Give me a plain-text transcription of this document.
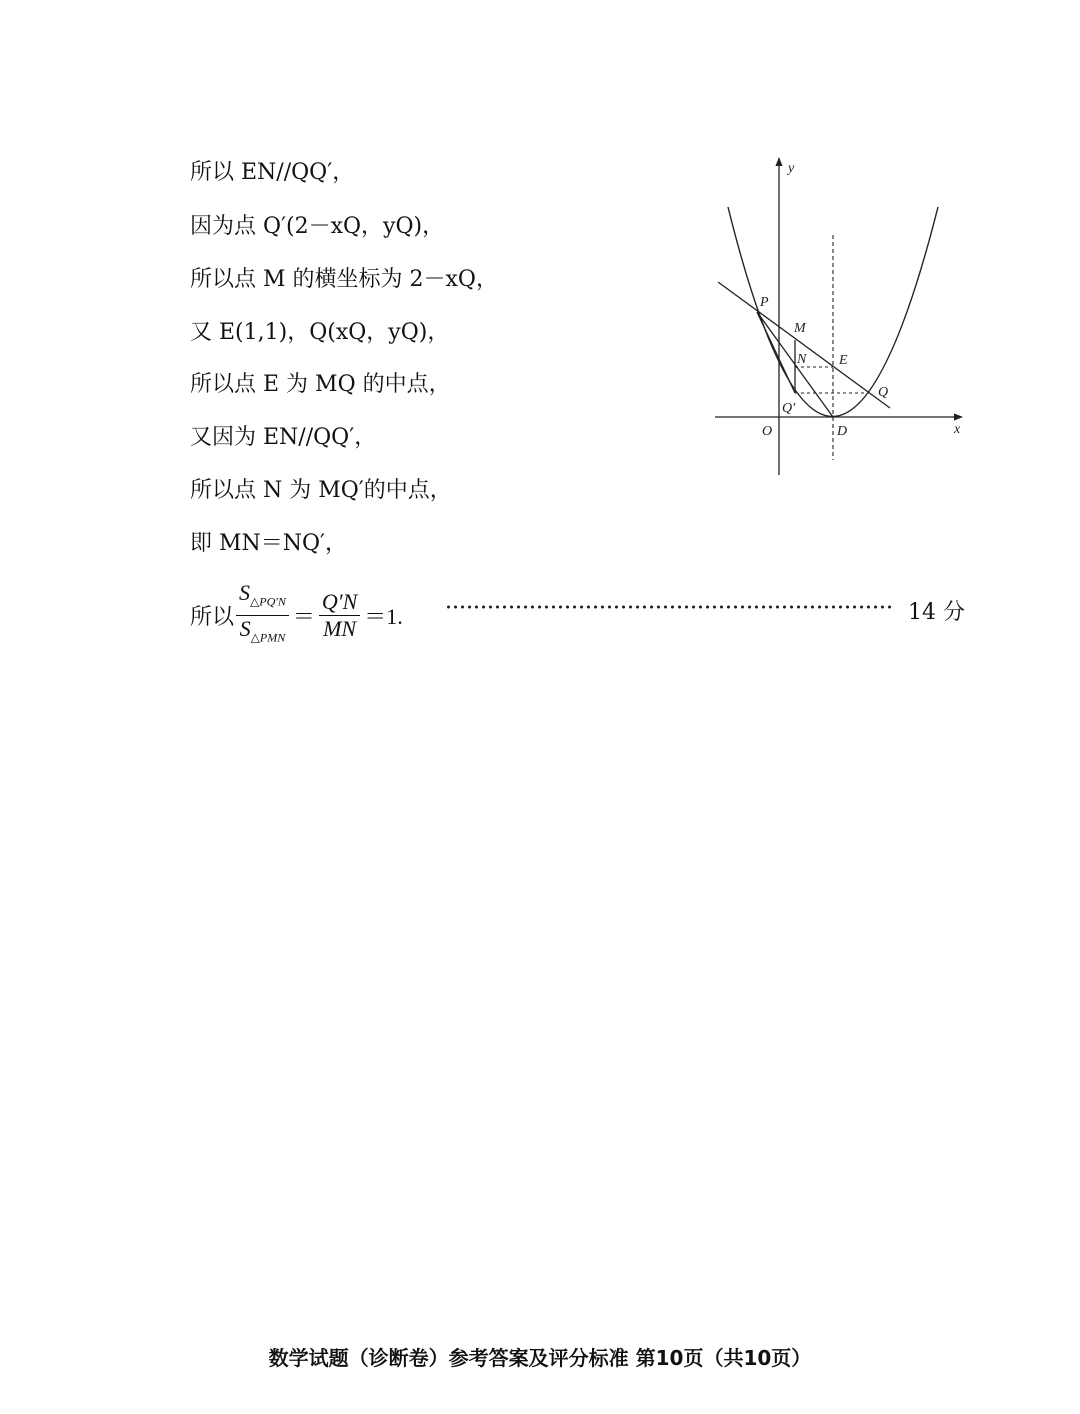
所以 EN//QQ′，
因为点 Q′(2－xQ，yQ)，
所以点 M 的横坐标为 2－xQ，
又 E(1,1)，Q(xQ，yQ)，
所以点 E 为 MQ 的中点，
又因为 EN//QQ′，
所以点 N 为 MQ′的中点，
即 MN＝NQ′，
所以 $\frac{S_{\triangle PQ'N}}{S_{\triangle PMN}} = \frac{Q'N}{MN} =1$.	14 分
y
x
O	D
P
M
N E
Q
Q′
数学试题（诊断卷）参考答案及评分标准 第10页（共10页）
